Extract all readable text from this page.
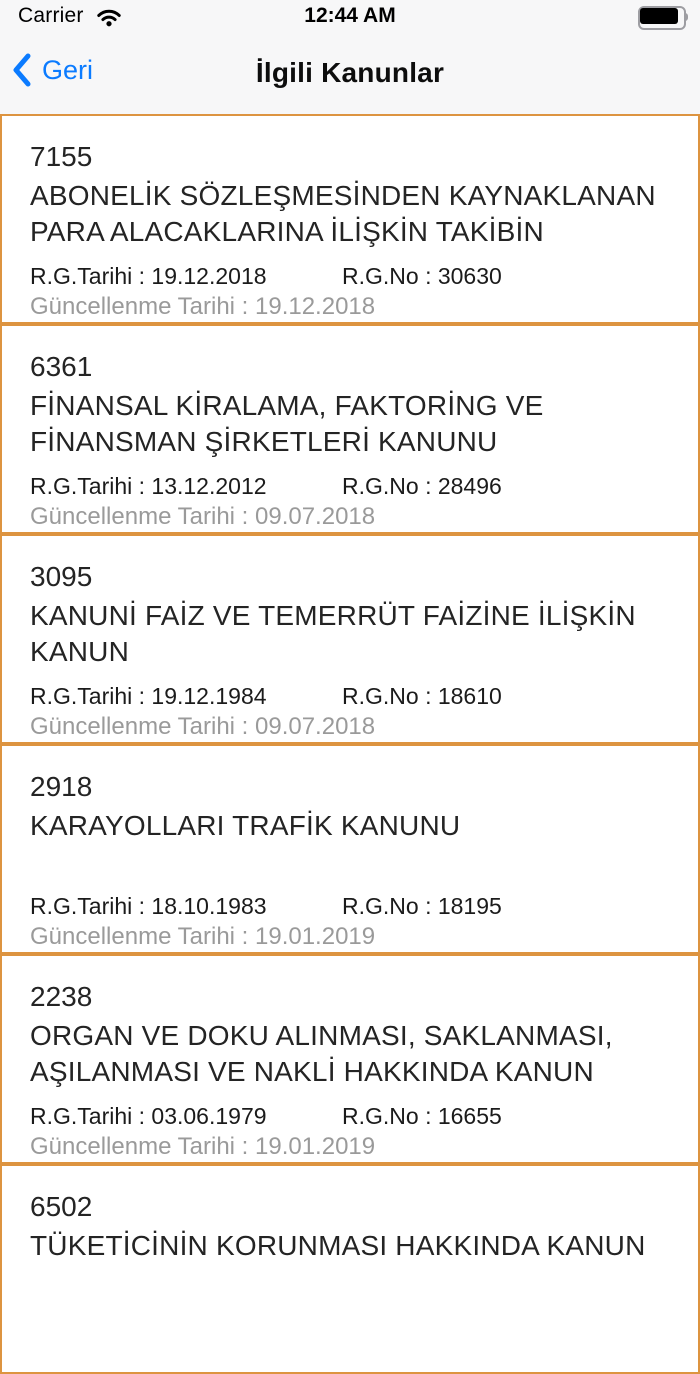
Carrier	12:44 AM
Geri	İlgili Kanunlar
7155
ABONELİK SÖZLEŞMESİNDEN KAYNAKLANAN PARA ALACAKLARINA İLİŞKİN TAKİBİN
R.G.Tarihi : 19.12.2018	R.G.No : 30630
Güncellenme Tarihi : 19.12.2018
6361
FİNANSAL KİRALAMA, FAKTORİNG VE FİNANSMAN ŞİRKETLERİ KANUNU
R.G.Tarihi : 13.12.2012	R.G.No : 28496
Güncellenme Tarihi : 09.07.2018
3095
KANUNİ FAİZ VE TEMERRÜT FAİZİNE İLİŞKİN KANUN
R.G.Tarihi : 19.12.1984	R.G.No : 18610
Güncellenme Tarihi : 09.07.2018
2918
KARAYOLLARI TRAFİK KANUNU
R.G.Tarihi : 18.10.1983	R.G.No : 18195
Güncellenme Tarihi : 19.01.2019
2238
ORGAN VE DOKU ALINMASI, SAKLANMASI, AŞILANMASI VE NAKLİ HAKKINDA KANUN
R.G.Tarihi : 03.06.1979	R.G.No : 16655
Güncellenme Tarihi : 19.01.2019
6502
TÜKETİCİNİN KORUNMASI HAKKINDA KANUN
